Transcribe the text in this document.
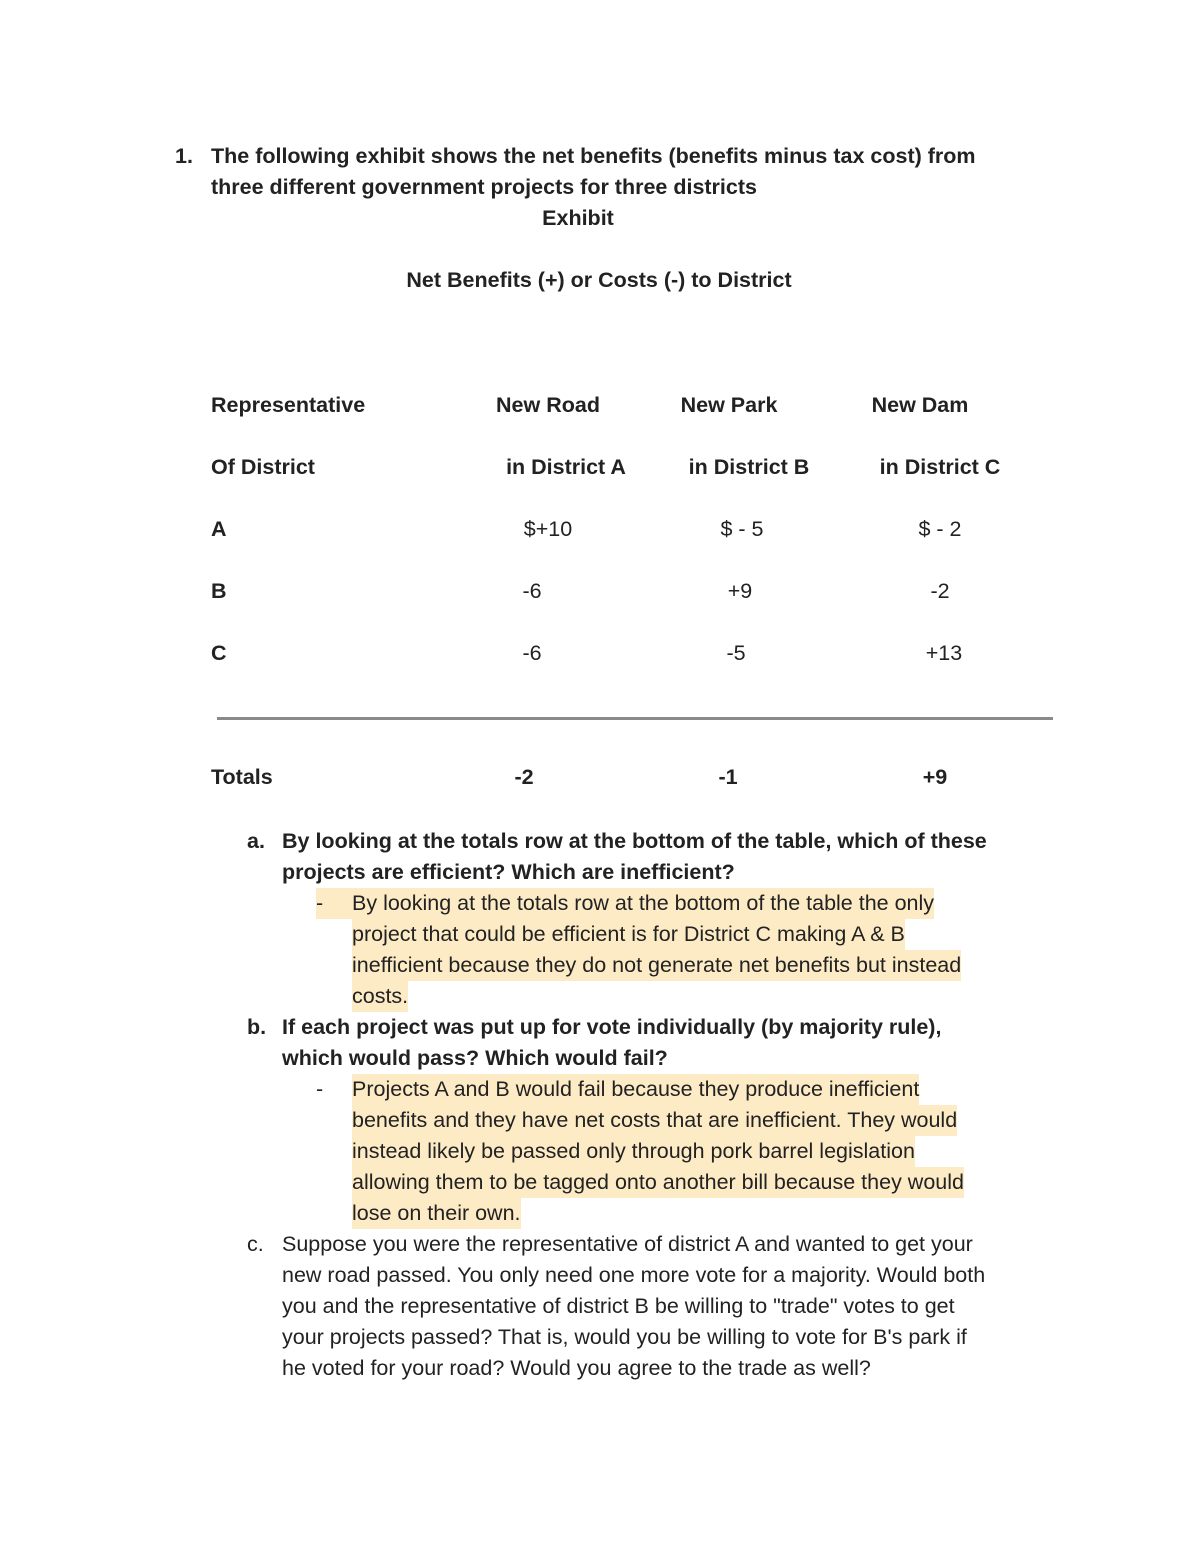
1. The following exhibit shows the net benefits (benefits minus tax cost) from
three different government projects for three districts
Exhibit
Net Benefits (+) or Costs (-) to District
Representative	New Road	New Park	New Dam
Of District	in District A	in District B	in District C
A	$+10	$ - 5	$ - 2
B	-6	+9	-2
C	-6	-5	+13
Totals	-2	-1	+9
a. By looking at the totals row at the bottom of the table, which of these
projects are efficient? Which are inefficient?
-	By looking at the totals row at the bottom of the table the only
project that could be efficient is for District C making A & B
inefficient because they do not generate net benefits but instead
costs.
b. If each project was put up for vote individually (by majority rule),
which would pass? Which would fail?
- Projects A and B would fail because they produce inefficient
benefits and they have net costs that are inefficient. They would
instead likely be passed only through pork barrel legislation
allowing them to be tagged onto another bill because they would
lose on their own.
c. Suppose you were the representative of district A and wanted to get your
new road passed. You only need one more vote for a majority. Would both
you and the representative of district B be willing to "trade" votes to get
your projects passed? That is, would you be willing to vote for B's park if
he voted for your road? Would you agree to the trade as well?
